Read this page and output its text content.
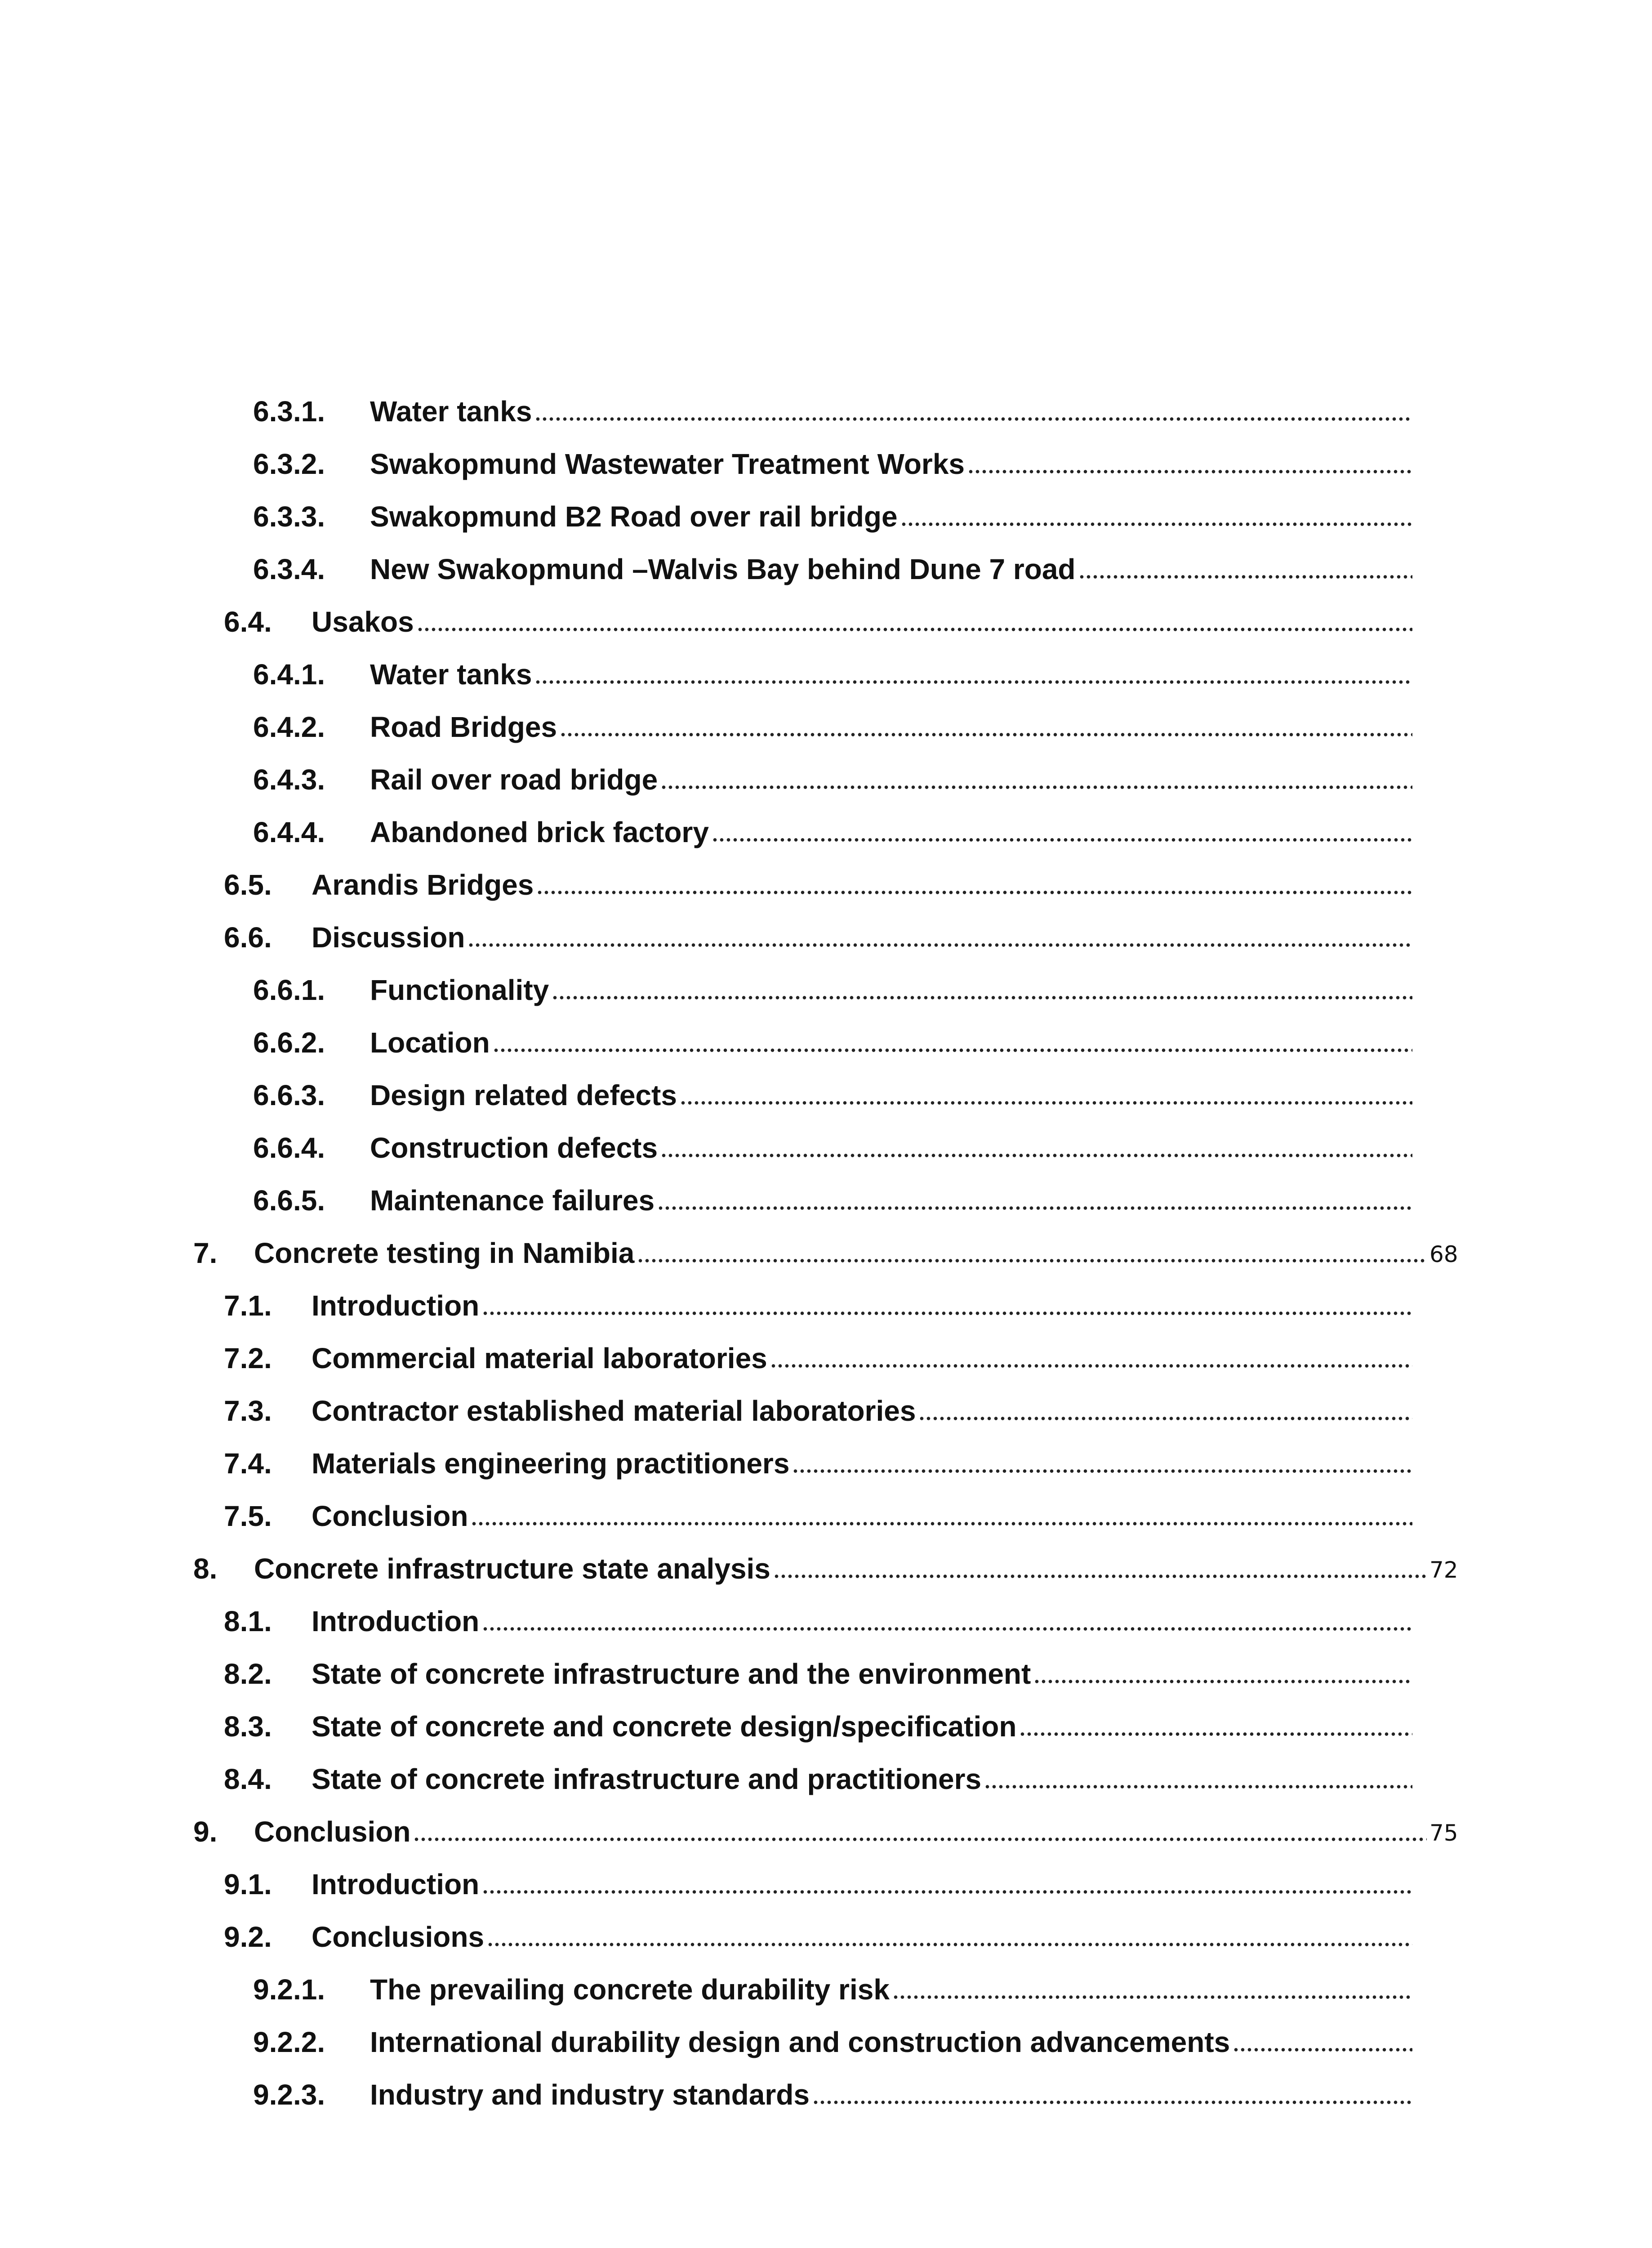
6.3.1.	Water tanks
6.3.2.	Swakopmund Wastewater Treatment Works
6.3.3.	Swakopmund B2 Road over rail bridge
6.3.4.	New Swakopmund –Walvis Bay behind Dune 7 road
6.4.	Usakos
6.4.1.	Water tanks
6.4.2.	Road Bridges
6.4.3.	Rail over road bridge
6.4.4.	Abandoned brick factory
6.5.	Arandis Bridges
6.6.	Discussion
6.6.1.	Functionality
6.6.2.	Location
6.6.3.	Design related defects
6.6.4.	Construction defects
6.6.5.	Maintenance failures
7.	Concrete testing in Namibia	68
7.1.	Introduction
7.2.	Commercial material laboratories
7.3.	Contractor established material laboratories
7.4.	Materials engineering practitioners
7.5.	Conclusion
8.	Concrete infrastructure state analysis	72
8.1.	Introduction
8.2.	State of concrete infrastructure and the environment
8.3.	State of concrete and concrete design/specification
8.4.	State of concrete infrastructure and practitioners
9.	Conclusion	75
9.1.	Introduction
9.2.	Conclusions
9.2.1.	The prevailing concrete durability risk
9.2.2.	International durability design and construction advancements
9.2.3.	Industry and industry standards
